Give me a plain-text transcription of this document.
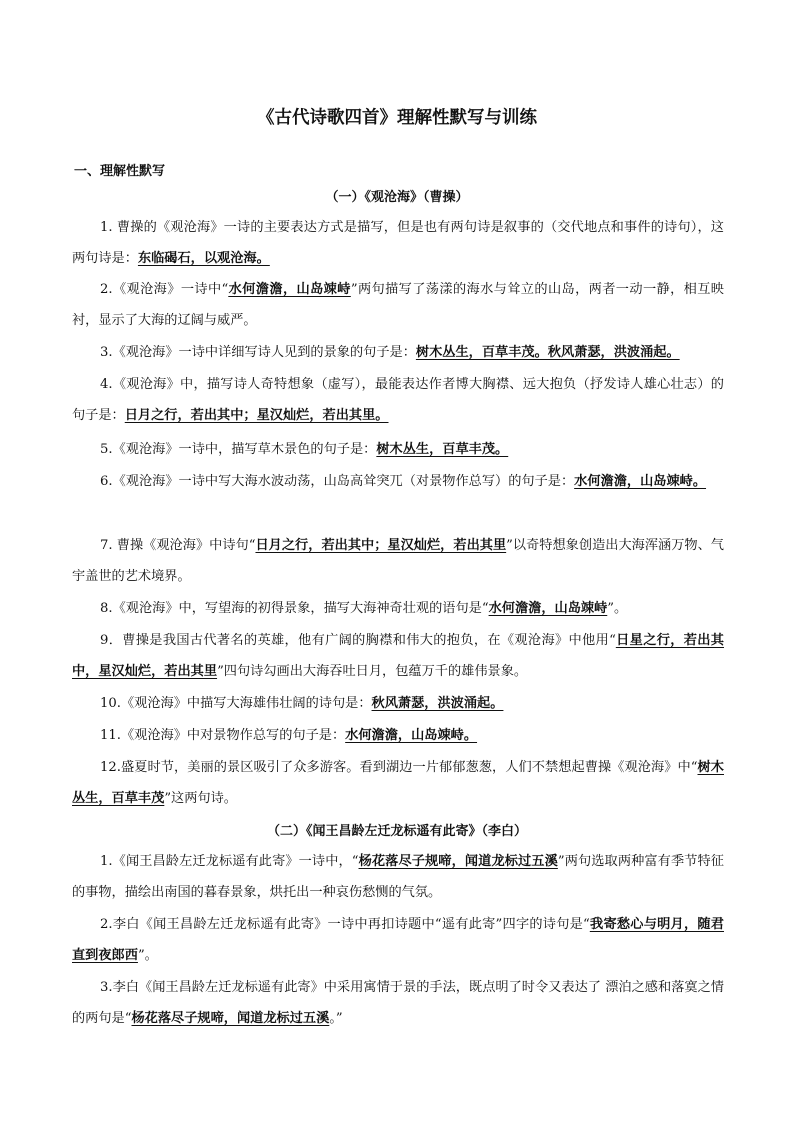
《古代诗歌四首》理解性默写与训练
一、理解性默写
（一）《观沧海》（曹操）
1. 曹操的《观沧海》一诗的主要表达方式是描写，但是也有两句诗是叙事的（交代地点和事件的诗句），这两句诗是：东临碣石，以观沧海。
2.《观沧海》一诗中“水何澹澹，山岛竦峙”两句描写了荡漾的海水与耸立的山岛，两者一动一静，相互映衬，显示了大海的辽阔与威严。
3.《观沧海》一诗中详细写诗人见到的景象的句子是：树木丛生，百草丰茂。秋风萧瑟，洪波涌起。
4.《观沧海》中，描写诗人奇特想象（虚写），最能表达作者博大胸襟、远大抱负（抒发诗人雄心壮志）的句子是：日月之行，若出其中；星汉灿烂，若出其里。
5.《观沧海》一诗中，描写草木景色的句子是：树木丛生，百草丰茂。
6.《观沧海》一诗中写大海水波动荡，山岛高耸突兀（对景物作总写）的句子是：水何澹澹，山岛竦峙。
7. 曹操《观沧海》中诗句“日月之行，若出其中；星汉灿烂，若出其里”以奇特想象创造出大海浑涵万物、气宇盖世的艺术境界。
8.《观沧海》中，写望海的初得景象，描写大海神奇壮观的语句是“水何澹澹，山岛竦峙”。
9．曹操是我国古代著名的英雄，他有广阔的胸襟和伟大的抱负，在《观沧海》中他用“日星之行，若出其中，星汉灿烂，若出其里”四句诗勾画出大海吞吐日月，包蕴万千的雄伟景象。
10.《观沧海》中描写大海雄伟壮阔的诗句是：秋风萧瑟，洪波涌起。
11.《观沧海》中对景物作总写的句子是：水何澹澹，山岛竦峙。
12.盛夏时节，美丽的景区吸引了众多游客。看到湖边一片郁郁葱葱，人们不禁想起曹操《观沧海》中“树木丛生，百草丰茂”这两句诗。
（二）《闻王昌龄左迁龙标遥有此寄》（李白）
1.《闻王昌龄左迁龙标遥有此寄》一诗中，“杨花落尽子规啼，闻道龙标过五溪”两句选取两种富有季节特征的事物，描绘出南国的暮春景象，烘托出一种哀伤愁恻的气氛。
2.李白《闻王昌龄左迁龙标遥有此寄》一诗中再扣诗题中“遥有此寄”四字的诗句是“我寄愁心与明月，随君直到夜郎西”。
3.李白《闻王昌龄左迁龙标遥有此寄》中采用寓情于景的手法，既点明了时令又表达了 漂泊之感和落寞之情的两句是“杨花落尽子规啼，闻道龙标过五溪。”
